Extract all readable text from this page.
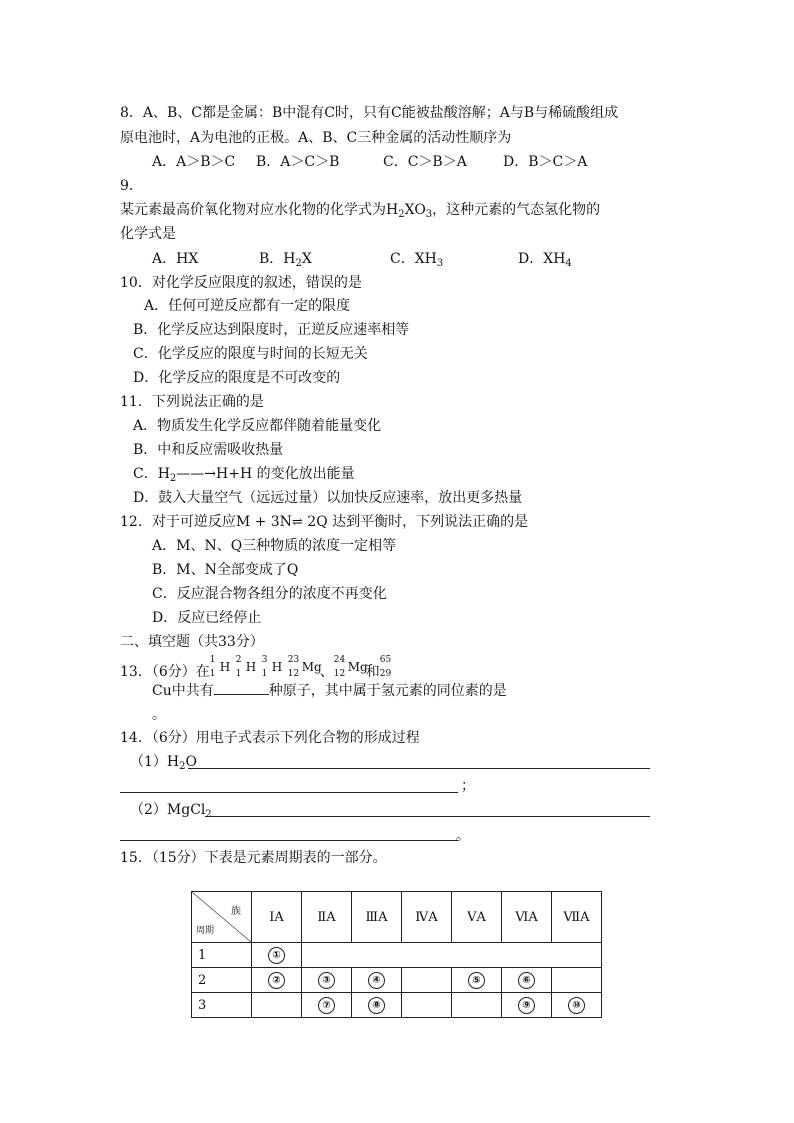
8．A、B、C都是金属：B中混有C时，只有C能被盐酸溶解；A与B与稀硫酸组成
原电池时，A为电池的正极。A、B、C三种金属的活动性顺序为
A．A＞B＞C B．A＞C＞B	C．C＞B＞A	D．B＞C＞A
9.
某元素最高价氧化物对应水化物的化学式为$H_2XO_3$，这种元素的气态氢化物的
化学式是
A．HX	B．$H_2X$	C．$XH_3$	D．$XH_4$
10．对化学反应限度的叙述，错误的是
A．任何可逆反应都有一定的限度
B．化学反应达到限度时，正逆反应速率相等
C．化学反应的限度与时间的长短无关
D．化学反应的限度是不可改变的
11．下列说法正确的是
A．物质发生化学反应都伴随着能量变化
B．中和反应需吸收热量
C．$H_2——\to H+H$ 的变化放出能量
D．鼓入大量空气（远远过量）以加快反应速率，放出更多热量
12．对于可逆反应M + 3N⇌ 2Q 达到平衡时，下列说法正确的是
A．M、N、Q三种物质的浓度一定相等
B．M、N全部变成了Q
C．反应混合物各组分的浓度不再变化
D．反应已经停止
二、填空题（共33分）
13．（6分）在
1
1 H 2
1 H 3
1 H 23
12 Mg
、
24
12 Mg
和
65
29
Cu中共有	种原子，其中属于氢元素的同位素的是
。
14．（6分）用电子式表示下列化合物的形成过程
$(1)H_2O$
；
（2）MgCl$_2$
。
15．（15分）下表是元素周期表的一部分。
族
周期	ⅠA	ⅡA	ⅢA	ⅣA	ⅤA	ⅥA	ⅦA
1	①						
2	②	③	④		⑤	⑥	
3		⑦	⑧			⑨	⑩
